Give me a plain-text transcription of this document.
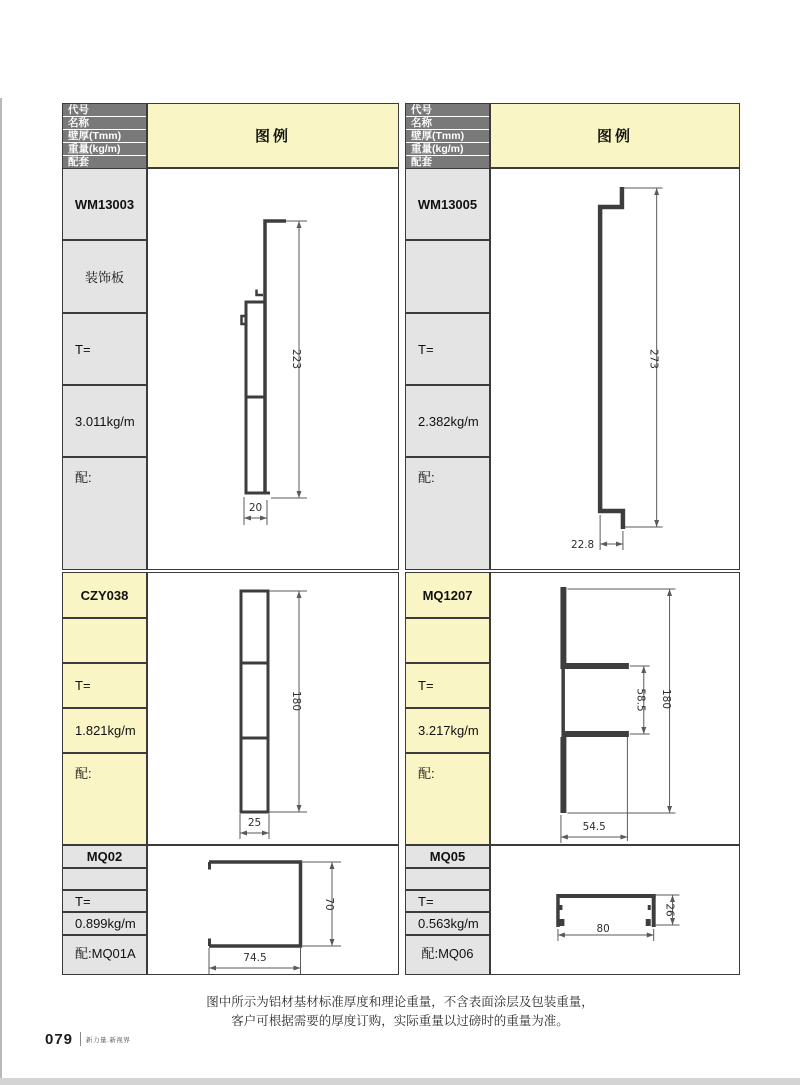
代号
名称
壁厚(Tmm)
重量(kg/m)
配套
图例
WM13003
装饰板
T=
3.011kg/m
配:
223
20
CZY038
T=
1.821kg/m
配:
180
25
MQ02
T=
0.899kg/m
配:MQ01A
70
74.5
代号
名称
壁厚(Tmm)
重量(kg/m)
配套
图例
WM13005
T=
2.382kg/m
配:
273
22.8
MQ1207
T=
3.217kg/m
配:
58.5 180
54.5
MQ05
T=
0.563kg/m
配:MQ06
26
80
图中所示为铝材基材标准厚度和理论重量，不含表面涂层及包装重量，
客户可根据需要的厚度订购，实际重量以过磅时的重量为准。
079 新力量.新视界
